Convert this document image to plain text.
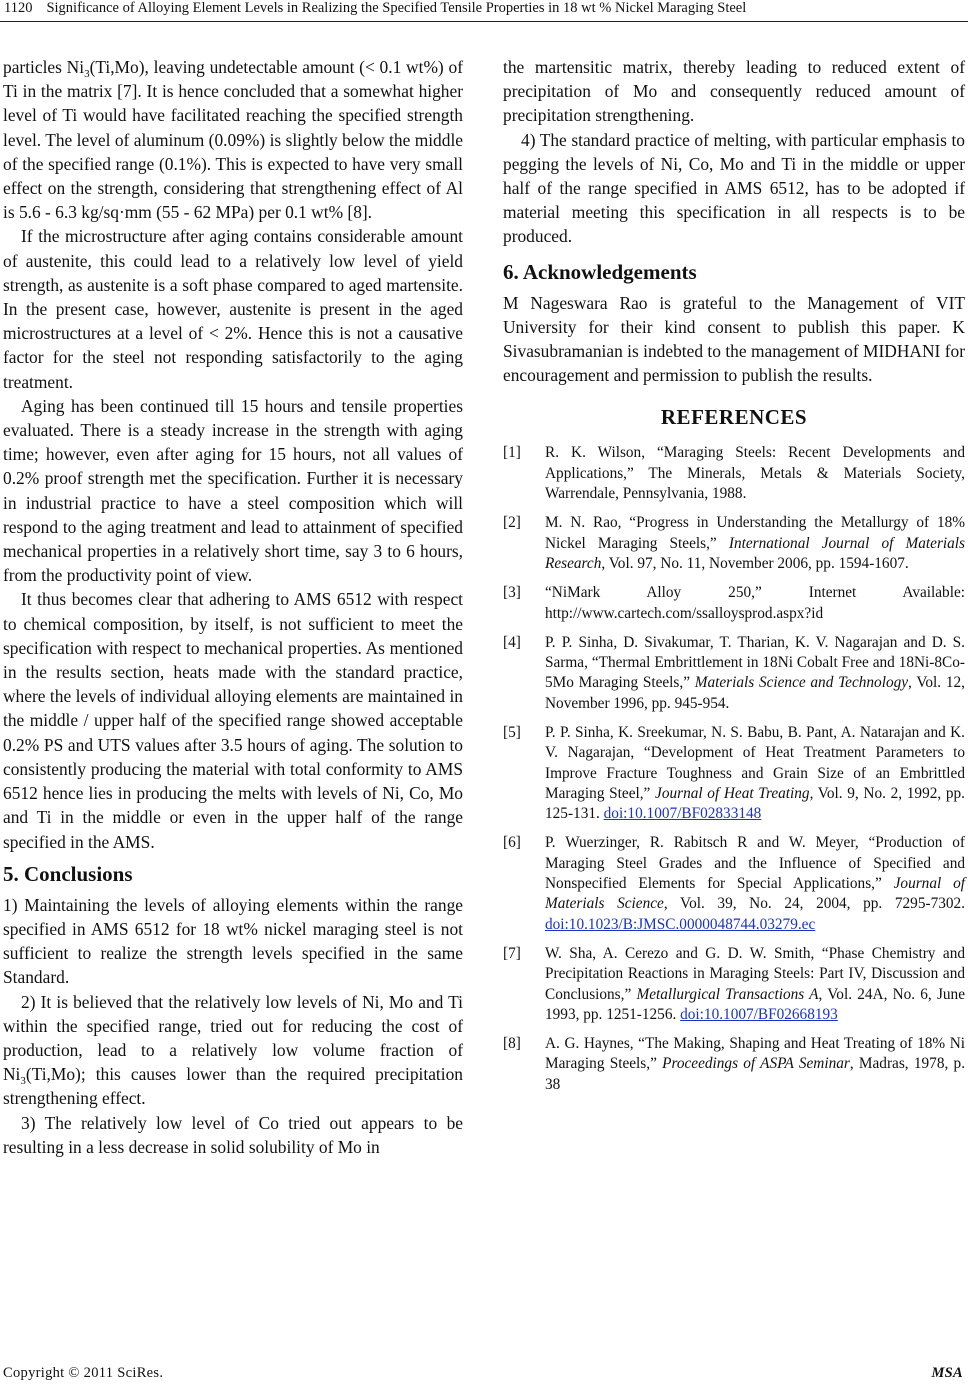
1120 Significance of Alloying Element Levels in Realizing the Specified Tensile Properties in 18 wt % Nickel Maraging Steel

particles $Ni_3(Ti,Mo)$, leaving undetectable amount (< 0.1 wt%) of Ti in the matrix [7]. It is hence concluded that a somewhat higher level of Ti would have facilitated reaching the specified strength level. The level of aluminum (0.09%) is slightly below the middle of the specified range (0.1%). This is expected to have very small effect on the strength, considering that strengthening effect of Al is 5.6 - 6.3 kg/sq·mm (55 - 62 MPa) per 0.1 wt% [8].

If the microstructure after aging contains considerable amount of austenite, this could lead to a relatively low level of yield strength, as austenite is a soft phase compared to aged martensite. In the present case, however, austenite is present in the aged microstructures at a level of < 2%. Hence this is not a causative factor for the steel not responding satisfactorily to the aging treatment.

Aging has been continued till 15 hours and tensile properties evaluated. There is a steady increase in the strength with aging time; however, even after aging for 15 hours, not all values of 0.2% proof strength met the specification. Further it is necessary in industrial practice to have a steel composition which will respond to the aging treatment and lead to attainment of specified mechanical properties in a relatively short time, say 3 to 6 hours, from the productivity point of view.

It thus becomes clear that adhering to AMS 6512 with respect to chemical composition, by itself, is not sufficient to meet the specification with respect to mechanical properties. As mentioned in the results section, heats made with the standard practice, where the levels of individual alloying elements are maintained in the middle / upper half of the specified range showed acceptable 0.2% PS and UTS values after 3.5 hours of aging. The solution to consistently producing the material with total conformity to AMS 6512 hence lies in producing the melts with levels of Ni, Co, Mo and Ti in the middle or even in the upper half of the range specified in the AMS.

5. Conclusions

1) Maintaining the levels of alloying elements within the range specified in AMS 6512 for 18 wt% nickel maraging steel is not sufficient to realize the strength levels specified in the same Standard.

2) It is believed that the relatively low levels of Ni, Mo and Ti within the specified range, tried out for reducing the cost of production, lead to a relatively low volume fraction of $Ni_3(Ti,Mo)$; this causes lower than the required precipitation strengthening effect.

3) The relatively low level of Co tried out appears to be resulting in a less decrease in solid solubility of Mo in

the martensitic matrix, thereby leading to reduced extent of precipitation of Mo and consequently reduced amount of precipitation strengthening.

4) The standard practice of melting, with particular emphasis to pegging the levels of Ni, Co, Mo and Ti in the middle or upper half of the range specified in AMS 6512, has to be adopted if material meeting this specification in all respects is to be produced.

6. Acknowledgements

M Nageswara Rao is grateful to the Management of VIT University for their kind consent to publish this paper. K Sivasubramanian is indebted to the management of MIDHANI for encouragement and permission to publish the results.

REFERENCES
[1]	R. K. Wilson, “Maraging Steels: Recent Developments and Applications,” The Minerals, Metals & Materials Society, Warrendale, Pennsylvania, 1988.
[2]	M. N. Rao, “Progress in Understanding the Metallurgy of 18% Nickel Maraging Steels,” International Journal of Materials Research, Vol. 97, No. 11, November 2006, pp. 1594-1607.
[3]	“NiMark Alloy 250,” Internet Available: http://www.cartech.com/ssalloysprod.aspx?id
[4]	P. P. Sinha, D. Sivakumar, T. Tharian, K. V. Nagarajan and D. S. Sarma, “Thermal Embrittlement in 18Ni Cobalt Free and 18Ni-8Co-5Mo Maraging Steels,” Materials Science and Technology, Vol. 12, November 1996, pp. 945-954.
[5]	P. P. Sinha, K. Sreekumar, N. S. Babu, B. Pant, A. Natarajan and K. V. Nagarajan, “Development of Heat Treatment Parameters to Improve Fracture Toughness and Grain Size of an Embrittled Maraging Steel,” Journal of Heat Treating, Vol. 9, No. 2, 1992, pp. 125-131. doi:10.1007/BF02833148
[6]	P. Wuerzinger, R. Rabitsch R and W. Meyer, “Production of Maraging Steel Grades and the Influence of Specified and Nonspecified Elements for Special Applications,” Journal of Materials Science, Vol. 39, No. 24, 2004, pp. 7295-7302. doi:10.1023/B:JMSC.0000048744.03279.ec
[7]	W. Sha, A. Cerezo and G. D. W. Smith, “Phase Chemistry and Precipitation Reactions in Maraging Steels: Part IV, Discussion and Conclusions,” Metallurgical Transactions A, Vol. 24A, No. 6, June 1993, pp. 1251-1256. doi:10.1007/BF02668193
[8]	A. G. Haynes, “The Making, Shaping and Heat Treating of 18% Ni Maraging Steels,” Proceedings of ASPA Seminar, Madras, 1978, p. 38
Copyright © 2011 SciRes.	MSA
